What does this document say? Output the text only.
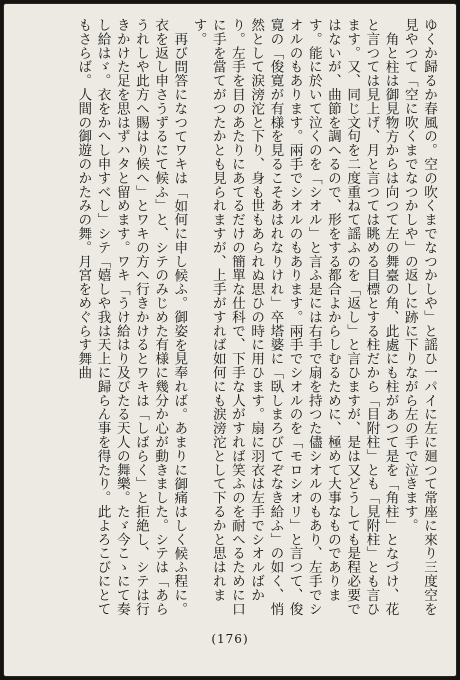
ゆくか歸るか春風の。空の吹くまでなつかしや」と謡ひ一パイに左に廻つて常座に來り三度空を見やつて「空に吹くまでなつかしや」の返しに跡に下りながら左の手で泣きます。

角と柱は御見物方からは向つて左の舞臺の角、此處にも柱があつて是を「角柱」となづけ、花と言つては見上げ、月と言つては眺める目標とする柱だから「目附柱」とも「見附柱」とも言ひます。又、同じ文句を二度重ねて謡ふのを「返し」と言ひますが、是は又どうしても是程必要ではないが、曲節を調へるので、形をする都合よからしむるために、極めて大事なものであります。能に於いて泣くのを「シオル」と言ふ是には右手で扇を持つた儘シオルのもあり、左手でシオルのもあります。兩手でシオルのもあります。兩手でシオルのを「モロシオリ」と言つて、俊寛の「俊寛が有様を見るこそあはれなりけれ」卒塔婆に「臥しまろびてぞなき給ふ」の如く、悄然として涙滂沱と下り、身も世もあられぬ思ひの時に用ひます。扇に羽衣は左手でシオルばかり。左手を目のあたりにあてるだけの簡單な仕科で、下手な人がすれば笑ふのを耐へるために口に手を當てがつたかとも見られますが、上手がすれば如何にも涙滂沱として下るかと思はれます。

再び問答になつてワキは「如何に申し候ふ。御姿を見奉れば。あまりに御痛はしく候ふ程に。衣を返し申さうずるにて候ふ」と、シテのみじめた有様に幾分か心が動きました。シテは「あらうれしや此方へ賜はり候へ」とワキの方へ行きかけるとワキは「しばらく」と拒絶し、シテは行きかけた足を思はずハタと留めます。ワキ「うけ給はり及びたる天人の舞樂。たゞ今こゝにて奏し給はゞ。衣をかへし申すべし」シテ「嬉しや我は天上に歸らん事を得たり。此よろこびにとてもさらば。人間の御遊のかたみの舞。月宮をめぐらす舞曲

(176)
